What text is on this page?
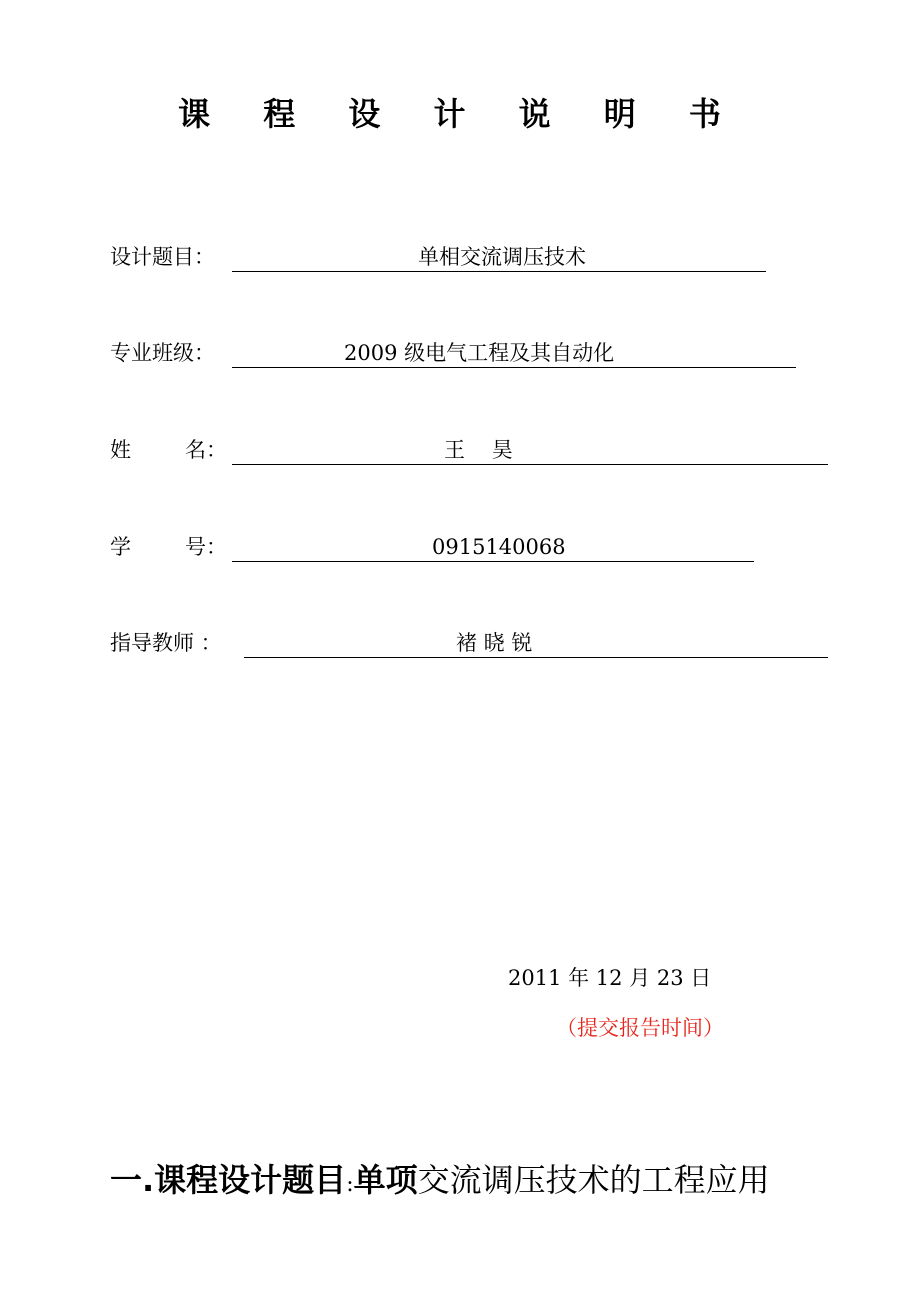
课 程 设 计 说 明 书
设计题目：	单相交流调压技术
专业班级：	2009 级电气工程及其自动化
姓	名：	王    昊
学	号：	0915140068
指导教师 ：	褚 晓 锐
2011 年 12 月 23 日
（提交报告时间）
一.课程设计题目:单项交流调压技术的工程应用
